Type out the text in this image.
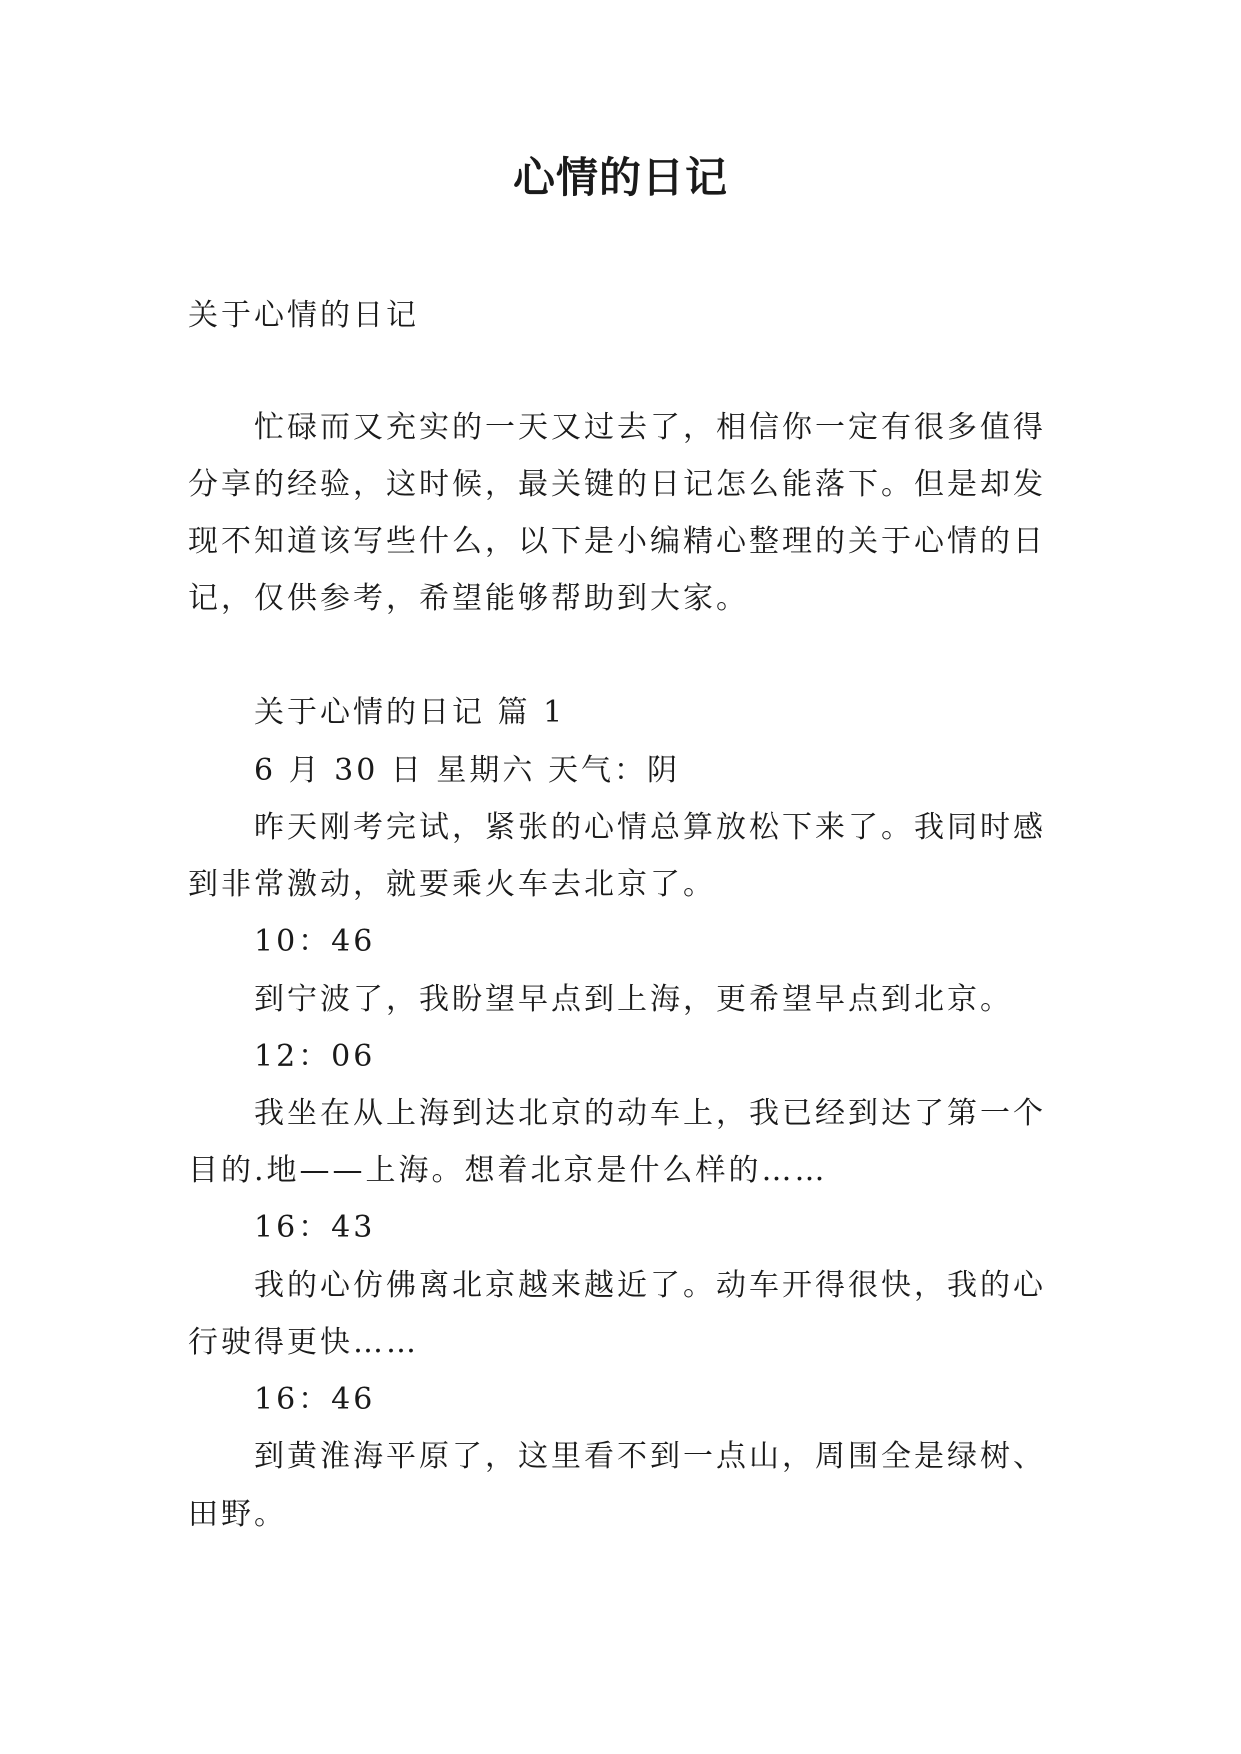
心情的日记
关于心情的日记
忙碌而又充实的一天又过去了，相信你一定有很多值得
分享的经验，这时候，最关键的日记怎么能落下。但是却发
现不知道该写些什么，以下是小编精心整理的关于心情的日
记，仅供参考，希望能够帮助到大家。
关于心情的日记 篇 1
6 月 30 日 星期六 天气：阴
昨天刚考完试，紧张的心情总算放松下来了。我同时感
到非常激动，就要乘火车去北京了。
10：46
到宁波了，我盼望早点到上海，更希望早点到北京。
12：06
我坐在从上海到达北京的动车上，我已经到达了第一个
目的.地——上海。想着北京是什么样的……
16：43
我的心仿佛离北京越来越近了。动车开得很快，我的心
行驶得更快……
16：46
到黄淮海平原了，这里看不到一点山，周围全是绿树、
田野。
